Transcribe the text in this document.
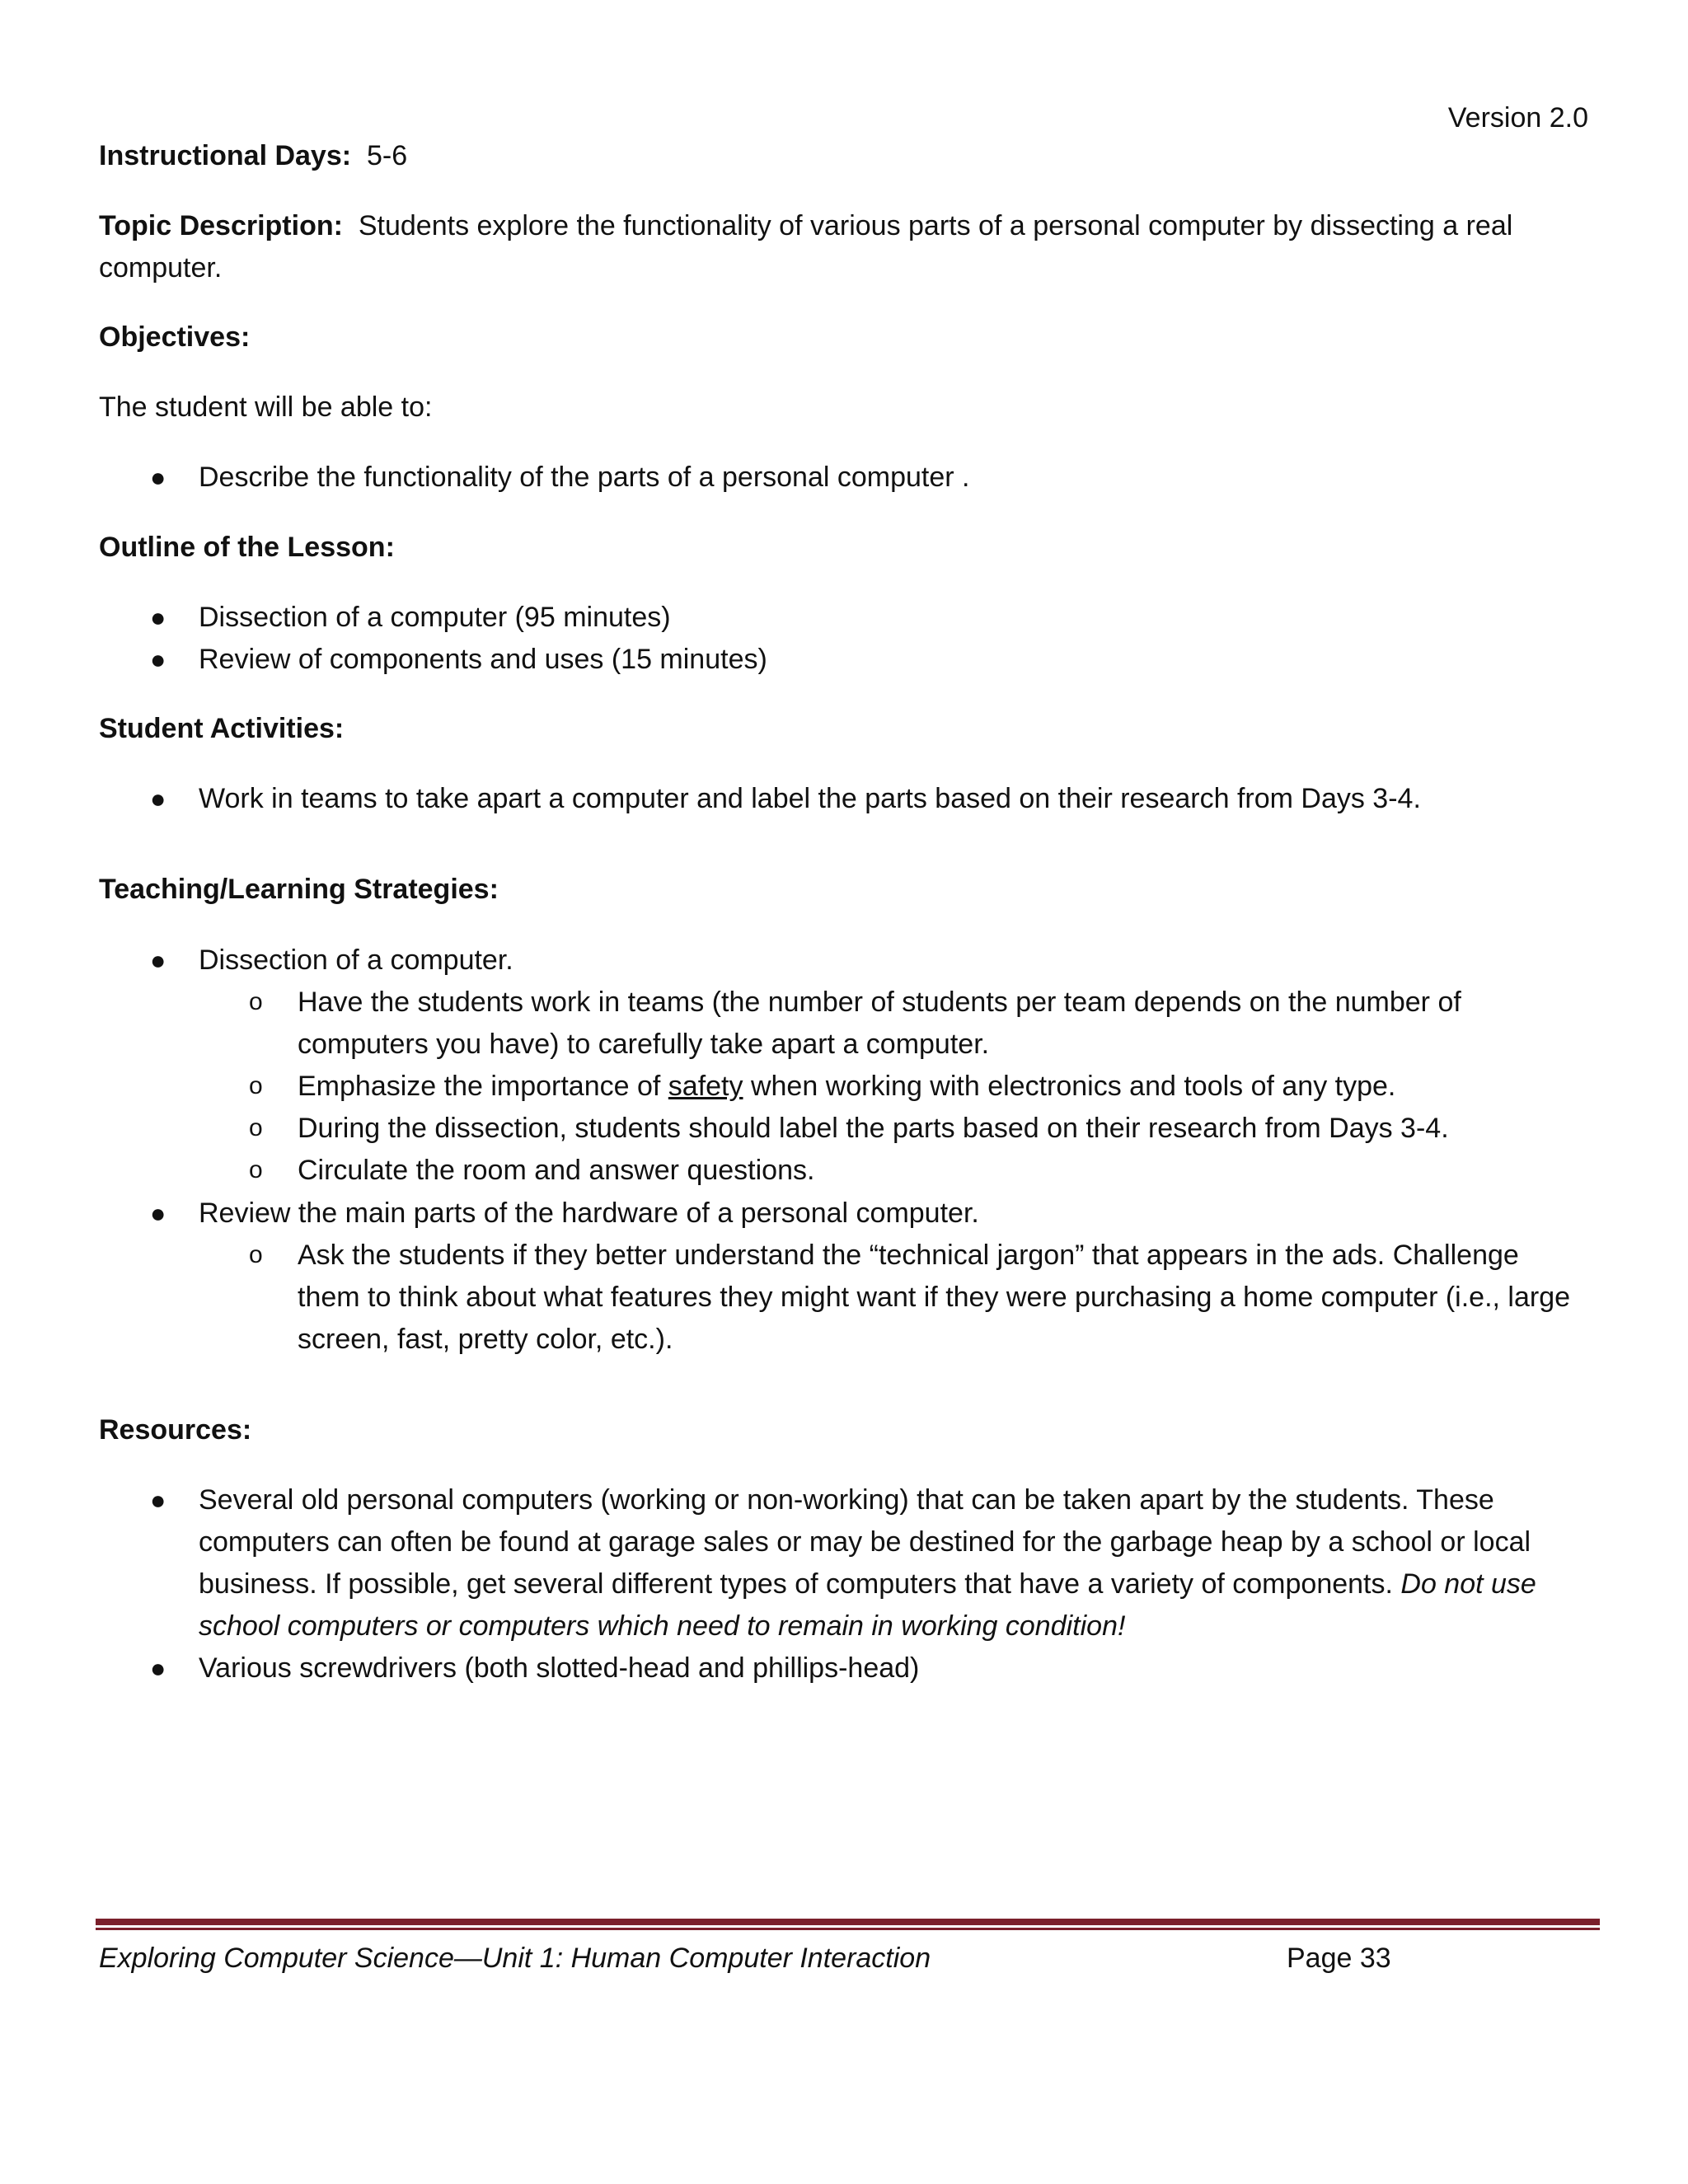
Version 2.0
Instructional Days: 5-6
Topic Description: Students explore the functionality of various parts of a personal computer by dissecting a real
computer.
Objectives:
The student will be able to:
● Describe the functionality of the parts of a personal computer .
Outline of the Lesson:
● Dissection of a computer (95 minutes)
● Review of components and uses (15 minutes)
Student Activities:
● Work in teams to take apart a computer and label the parts based on their research from Days 3-4.
Teaching/Learning Strategies:
● Dissection of a computer.
o Have the students work in teams (the number of students per team depends on the number of
computers you have) to carefully take apart a computer.
o Emphasize the importance of safety when working with electronics and tools of any type.
o During the dissection, students should label the parts based on their research from Days 3-4.
o Circulate the room and answer questions.
● Review the main parts of the hardware of a personal computer.
o Ask the students if they better understand the “technical jargon” that appears in the ads. Challenge
them to think about what features they might want if they were purchasing a home computer (i.e., large
screen, fast, pretty color, etc.).
Resources:
● Several old personal computers (working or non-working) that can be taken apart by the students. These
computers can often be found at garage sales or may be destined for the garbage heap by a school or local
business. If possible, get several different types of computers that have a variety of components. Do not use
school computers or computers which need to remain in working condition!
● Various screwdrivers (both slotted-head and phillips-head)
Exploring Computer Science—Unit 1: Human Computer Interaction	Page 33
